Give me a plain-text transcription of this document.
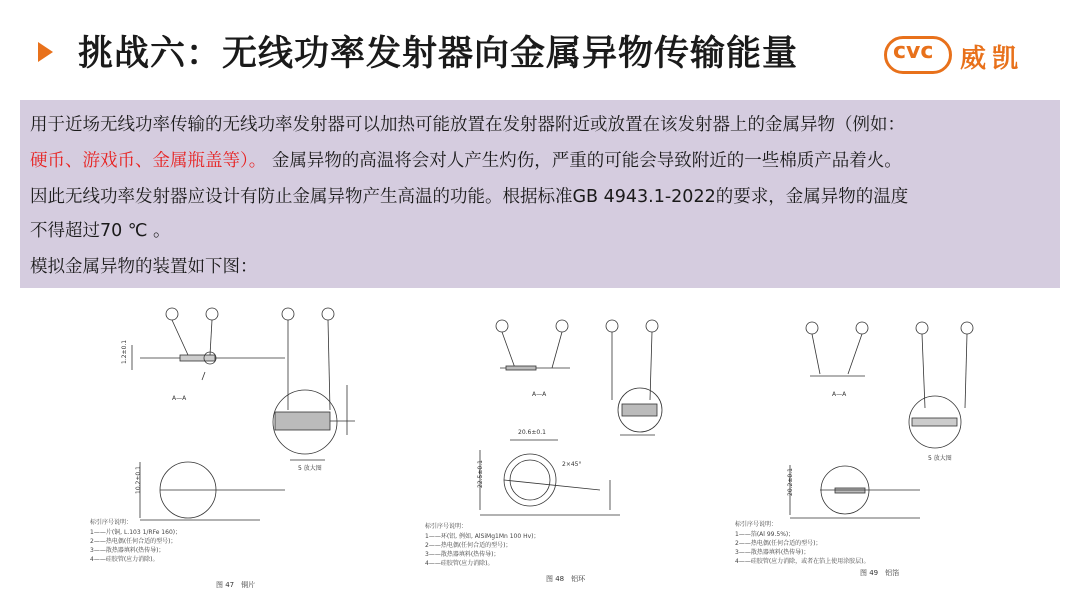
挑战六：无线功率发射器向金属异物传输能量	cvc 威凯

用于近场无线功率传输的无线功率发射器可以加热可能放置在发射器附近或放置在该发射器上的金属异物（例如：

硬币、游戏币、金属瓶盖等）。 金属异物的高温将会对人产生灼伤，严重的可能会导致附近的一些棉质产品着火。

因此无线功率发射器应设计有防止金属异物产生高温的功能。根据标准GB 4943.1-2022的要求，金属异物的温度

不得超过70 ℃ 。

模拟金属异物的装置如下图：

1.2±0.1
10.2±0.1	5 放大图
A—A
标引序号说明：
1——片(铜, L.103 1/RFe 160)；
2——热电偶(任何合适的型号)；
3——散热器填料(热传导)；
4——硅胶管(应力消除)。
图 47　铜片
20.6±0.1
22.5±0.1	2×45°
A—A
标引序号说明：
1——环(铝, 例如, AlSiMg1Mn 100 Hv)；
2——热电偶(任何合适的型号)；
3——散热器填料(热传导)；
4——硅胶管(应力消除)。
图 48　铝环
20.2±0.1
5 放大图
A—A
标引序号说明：
1——箔(Al 99.5%)；
2——热电偶(任何合适的型号)；
3——散热器填料(热传导)；
4——硅胶管(应力消除，或者在箔上使用涂胶层)。
图 49　铝箔
